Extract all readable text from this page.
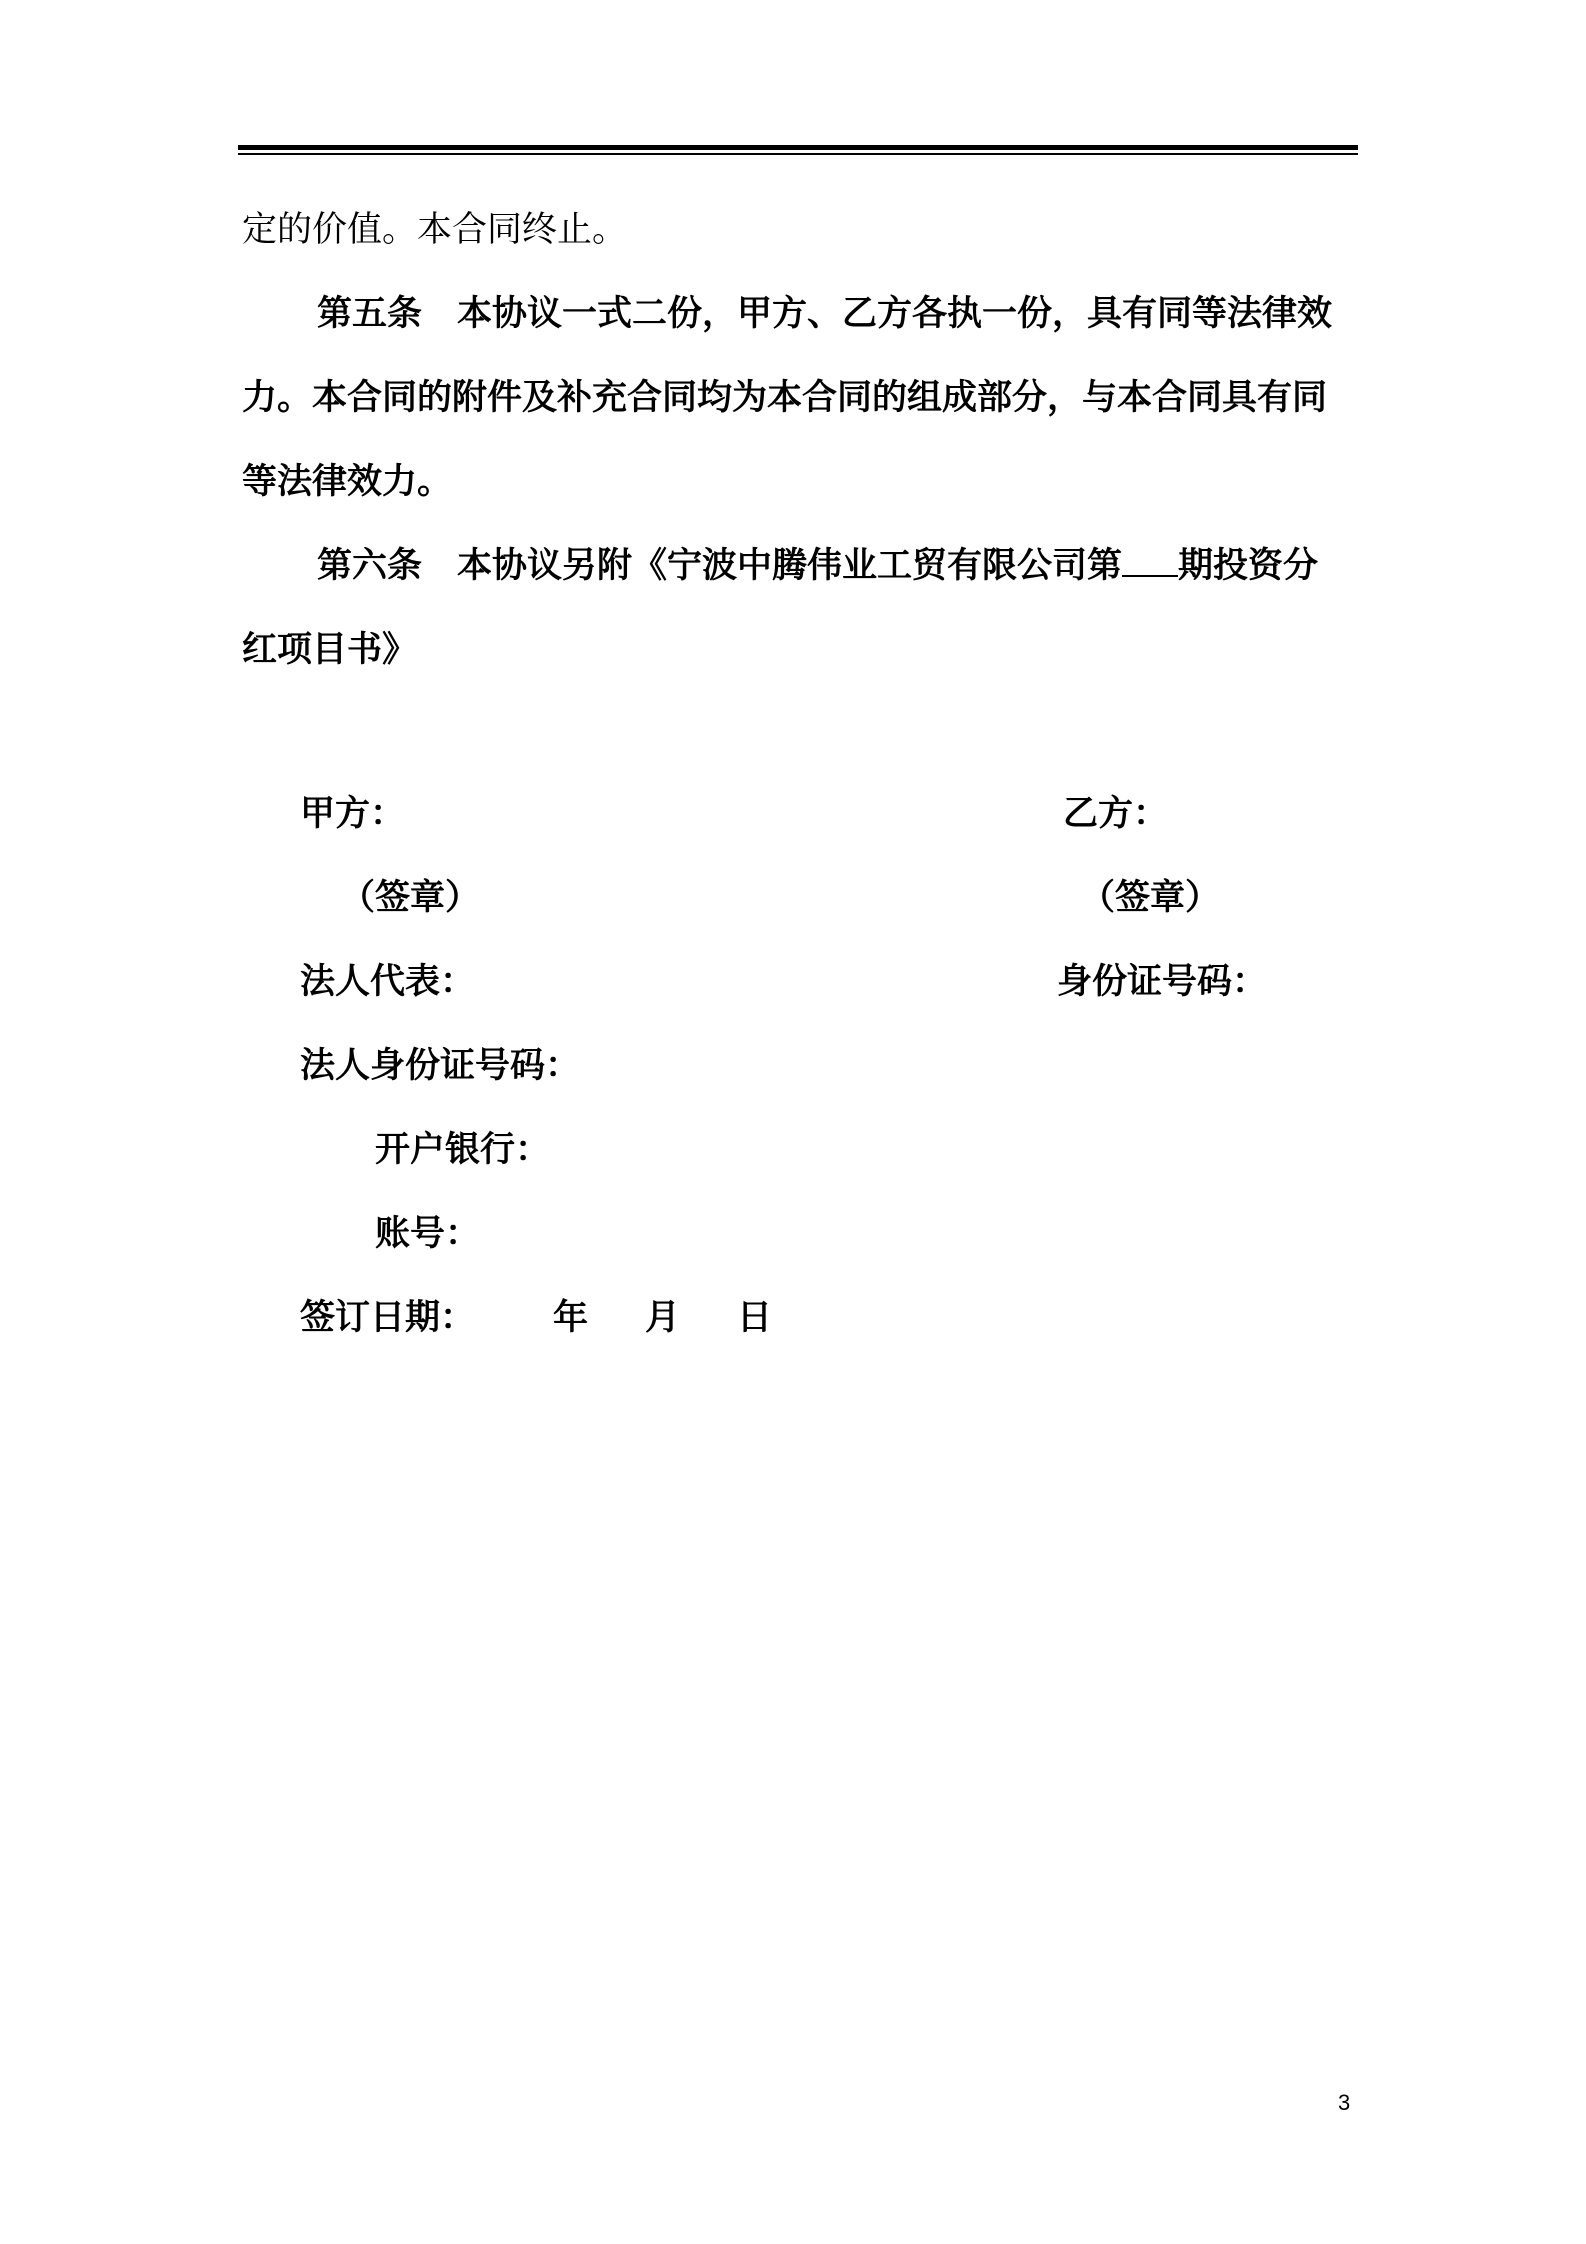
定的价值。本合同终止。

第五条　本协议一式二份，甲方、乙方各执一份，具有同等法律效
力。本合同的附件及补充合同均为本合同的组成部分，与本合同具有同
等法律效力。

第六条　本协议另附《宁波中腾伟业工贸有限公司第 期投资分
红项目书》

甲方：	乙方：
（签章）	（签章）
法人代表：	身份证号码：
法人身份证号码：
开户银行：
账号：
签订日期： 年 月 日
3
